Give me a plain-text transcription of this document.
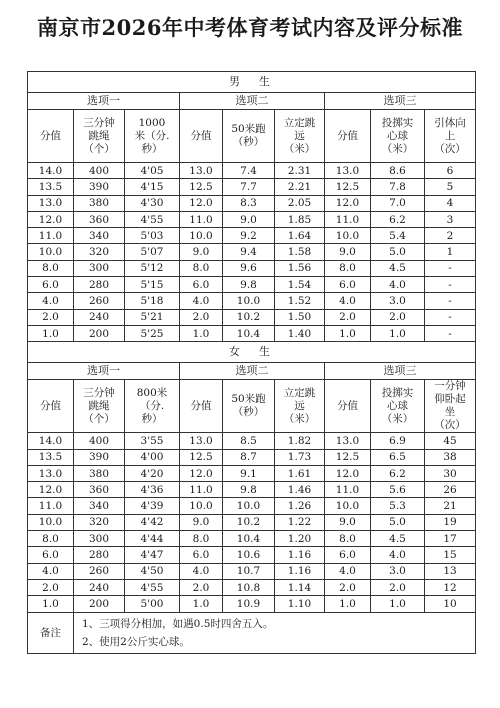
南京市2026年中考体育考试内容及评分标准
男　生								
选项一			选项二			选项三		
分值	三分钟跳绳（个）	1000米（分.秒）	分值	50米跑（秒）	立定跳远（米）	分值	投掷实心球（米）	引体向上（次）
14.0	400	4'05	13.0	7.4	2.31	13.0	8.6	6
13.5	390	4'15	12.5	7.7	2.21	12.5	7.8	5
13.0	380	4'30	12.0	8.3	2.05	12.0	7.0	4
12.0	360	4'55	11.0	9.0	1.85	11.0	6.2	3
11.0	340	5'03	10.0	9.2	1.64	10.0	5.4	2
10.0	320	5'07	9.0	9.4	1.58	9.0	5.0	1
8.0	300	5'12	8.0	9.6	1.56	8.0	4.5	-
6.0	280	5'15	6.0	9.8	1.54	6.0	4.0	-
4.0	260	5'18	4.0	10.0	1.52	4.0	3.0	-
2.0	240	5'21	2.0	10.2	1.50	2.0	2.0	-
1.0	200	5'25	1.0	10.4	1.40	1.0	1.0	-
女　生								
选项一			选项二			选项三		
分值	三分钟跳绳（个）	800米（分.秒）	分值	50米跑（秒）	立定跳远（米）	分值	投掷实心球（米）	一分钟仰卧起坐（次）
14.0	400	3'55	13.0	8.5	1.82	13.0	6.9	45
13.5	390	4'00	12.5	8.7	1.73	12.5	6.5	38
13.0	380	4'20	12.0	9.1	1.61	12.0	6.2	30
12.0	360	4'36	11.0	9.8	1.46	11.0	5.6	26
11.0	340	4'39	10.0	10.0	1.26	10.0	5.3	21
10.0	320	4'42	9.0	10.2	1.22	9.0	5.0	19
8.0	300	4'44	8.0	10.4	1.20	8.0	4.5	17
6.0	280	4'47	6.0	10.6	1.16	6.0	4.0	15
4.0	260	4'50	4.0	10.7	1.16	4.0	3.0	13
2.0	240	4'55	2.0	10.8	1.14	2.0	2.0	12
1.0	200	5'00	1.0	10.9	1.10	1.0	1.0	10
备注	1、三项得分相加，如遇0.5时四舍五入。
2、使用2公斤实心球。							
